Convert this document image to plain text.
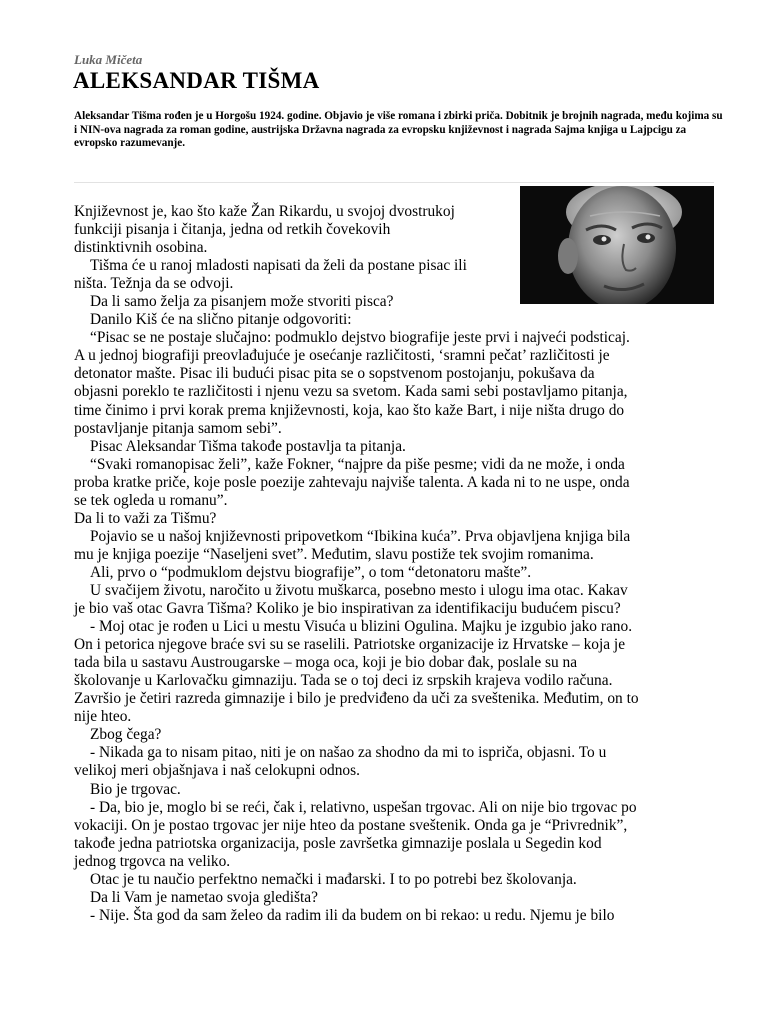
Luka Mičeta
ALEKSANDAR TIŠMA
Aleksandar Tišma rođen je u Horgošu 1924. godine. Objavio je više romana i zbirki priča. Dobitnik je brojnih nagrada, među kojima su i NIN-ova nagrada za roman godine, austrijska Državna nagrada za evropsku književnost i nagrada Sajma knjiga u Lajpcigu za evropsko razumevanje.

Književnost je, kao što kaže Žan Rikardu, u svojoj dvostrukoj
funkciji pisanja i čitanja, jedna od retkih čovekovih
distinktivnih osobina.

Tišma će u ranoj mladosti napisati da želi da postane pisac ili
ništa. Težnja da se odvoji.

Da li samo želja za pisanjem može stvoriti pisca?

Danilo Kiš će na slično pitanje odgovoriti:

“Pisac se ne postaje slučajno: podmuklo dejstvo biografije jeste prvi i najveći podsticaj.
A u jednoj biografiji preovlađujuće je osećanje različitosti, ‘sramni pečat’ različitosti je
detonator mašte. Pisac ili budući pisac pita se o sopstvenom postojanju, pokušava da
objasni poreklo te različitosti i njenu vezu sa svetom. Kada sami sebi postavljamo pitanja,
time činimo i prvi korak prema književnosti, koja, kao što kaže Bart, i nije ništa drugo do
postavljanje pitanja samom sebi”.

Pisac Aleksandar Tišma takođe postavlja ta pitanja.

“Svaki romanopisac želi”, kaže Fokner, “najpre da piše pesme; vidi da ne može, i onda
proba kratke priče, koje posle poezije zahtevaju najviše talenta. A kada ni to ne uspe, onda
se tek ogleda u romanu”.

Da li to važi za Tišmu?

Pojavio se u našoj književnosti pripovetkom “Ibikina kuća”. Prva objavljena knjiga bila
mu je knjiga poezije “Naseljeni svet”. Međutim, slavu postiže tek svojim romanima.

Ali, prvo o “podmuklom dejstvu biografije”, o tom “detonatoru mašte”.

U svačijem životu, naročito u životu muškarca, posebno mesto i ulogu ima otac. Kakav
je bio vaš otac Gavra Tišma? Koliko je bio inspirativan za identifikaciju budućem piscu?

- Moj otac je rođen u Lici u mestu Visuća u blizini Ogulina. Majku je izgubio jako rano.
On i petorica njegove braće svi su se raselili. Patriotske organizacije iz Hrvatske – koja je
tada bila u sastavu Austrougarske – moga oca, koji je bio dobar đak, poslale su na
školovanje u Karlovačku gimnaziju. Tada se o toj deci iz srpskih krajeva vodilo računa.
Završio je četiri razreda gimnazije i bilo je predviđeno da uči za sveštenika. Međutim, on to
nije hteo.

Zbog čega?

- Nikada ga to nisam pitao, niti je on našao za shodno da mi to ispriča, objasni. To u
velikoj meri objašnjava i naš celokupni odnos.

Bio je trgovac.

- Da, bio je, moglo bi se reći, čak i, relativno, uspešan trgovac. Ali on nije bio trgovac po
vokaciji. On je postao trgovac jer nije hteo da postane sveštenik. Onda ga je “Privrednik”,
takođe jedna patriotska organizacija, posle završetka gimnazije poslala u Segedin kod
jednog trgovca na veliko.

Otac je tu naučio perfektno nemački i mađarski. I to po potrebi bez školovanja.

Da li Vam je nametao svoja gledišta?

- Nije. Šta god da sam želeo da radim ili da budem on bi rekao: u redu. Njemu je bilo
